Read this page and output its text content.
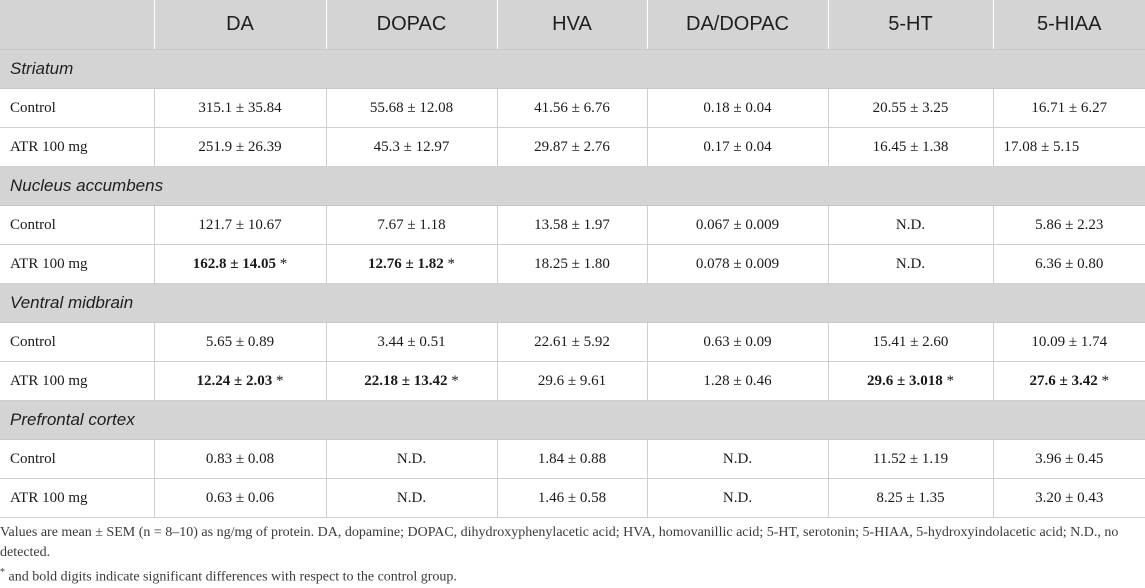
	DA	DOPAC	HVA	DA/DOPAC	5-HT	5-HIAA
Striatum						
Control	315.1 ± 35.84	55.68 ± 12.08	41.56 ± 6.76	0.18 ± 0.04	20.55 ± 3.25	16.71 ± 6.27
ATR 100 mg	251.9 ± 26.39	45.3 ± 12.97	29.87 ± 2.76	0.17 ± 0.04	16.45 ± 1.38	17.08 ± 5.15
Nucleus accumbens						
Control	121.7 ± 10.67	7.67 ± 1.18	13.58 ± 1.97	0.067 ± 0.009	N.D.	5.86 ± 2.23
ATR 100 mg	162.8 ± 14.05 *	12.76 ± 1.82 *	18.25 ± 1.80	0.078 ± 0.009	N.D.	6.36 ± 0.80
Ventral midbrain						
Control	5.65 ± 0.89	3.44 ± 0.51	22.61 ± 5.92	0.63 ± 0.09	15.41 ± 2.60	10.09 ± 1.74
ATR 100 mg	12.24 ± 2.03 *	22.18 ± 13.42 *	29.6 ± 9.61	1.28 ± 0.46	29.6 ± 3.018 *	27.6 ± 3.42 *
Prefrontal cortex						
Control	0.83 ± 0.08	N.D.	1.84 ± 0.88	N.D.	11.52 ± 1.19	3.96 ± 0.45
ATR 100 mg	0.63 ± 0.06	N.D.	1.46 ± 0.58	N.D.	8.25 ± 1.35	3.20 ± 0.43

Values are mean ± SEM (n = 8–10) as ng/mg of protein. DA, dopamine; DOPAC, dihydroxyphenylacetic acid; HVA, homovanillic acid; 5-HT, serotonin; 5-HIAA, 5-hydroxyindolacetic acid; N.D., no detected.

* and bold digits indicate significant differences with respect to the control group.
